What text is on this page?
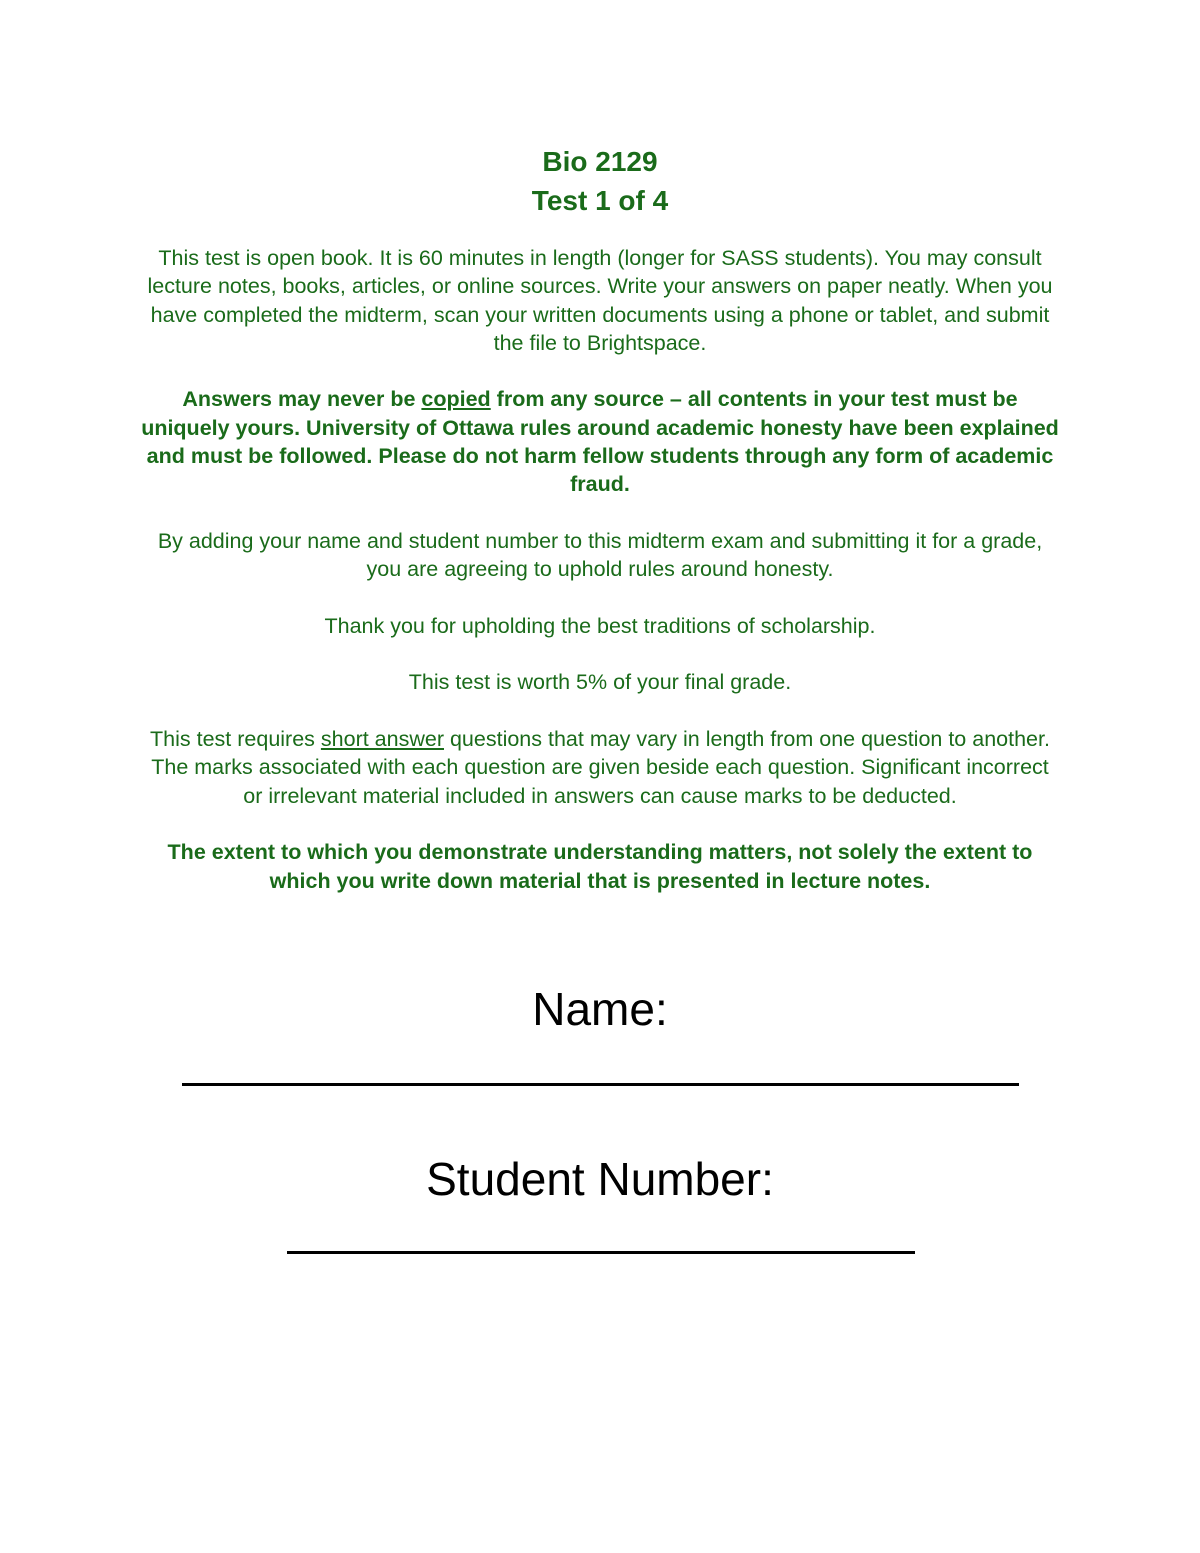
Bio 2129
Test 1 of 4

This test is open book. It is 60 minutes in length (longer for SASS students). You may consult lecture notes, books, articles, or online sources. Write your answers on paper neatly. When you have completed the midterm, scan your written documents using a phone or tablet, and submit the file to Brightspace.

Answers may never be copied from any source – all contents in your test must be uniquely yours. University of Ottawa rules around academic honesty have been explained and must be followed. Please do not harm fellow students through any form of academic fraud.

By adding your name and student number to this midterm exam and submitting it for a grade, you are agreeing to uphold rules around honesty.

Thank you for upholding the best traditions of scholarship.

This test is worth 5% of your final grade.

This test requires short answer questions that may vary in length from one question to another. The marks associated with each question are given beside each question. Significant incorrect or irrelevant material included in answers can cause marks to be deducted.

The extent to which you demonstrate understanding matters, not solely the extent to which you write down material that is presented in lecture notes.

Name:
Student Number:
